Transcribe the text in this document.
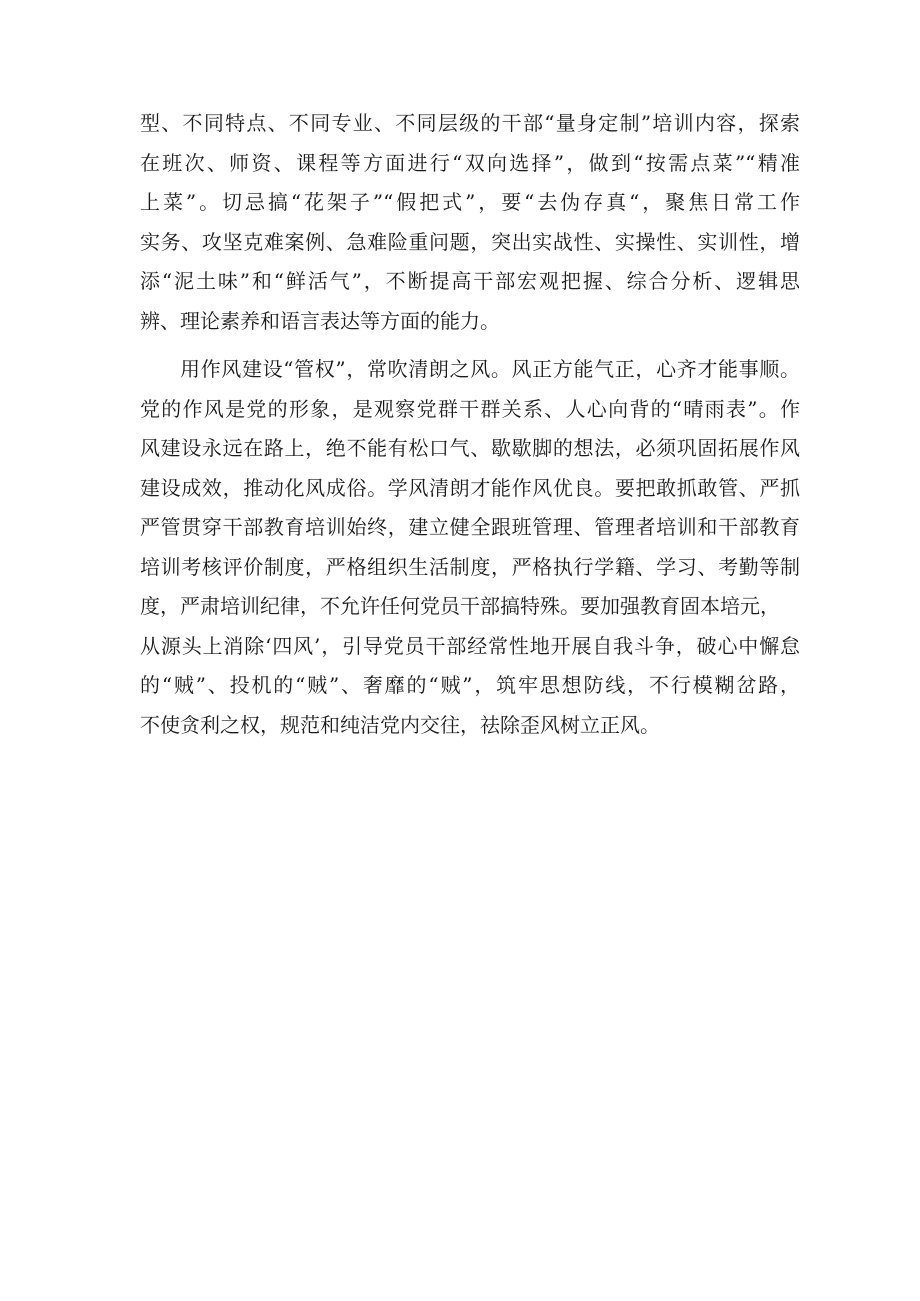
型、不同特点、不同专业、不同层级的干部“量身定制”培训内容，探索
在班次、师资、课程等方面进行“双向选择”，做到“按需点菜”“精准
上菜”。切忌搞“花架子”“假把式”，要“去伪存真“，聚焦日常工作
实务、攻坚克难案例、急难险重问题，突出实战性、实操性、实训性，增
添“泥土味”和“鲜活气”，不断提高干部宏观把握、综合分析、逻辑思
辨、理论素养和语言表达等方面的能力。
用作风建设“管权”，常吹清朗之风。风正方能气正，心齐才能事顺。
党的作风是党的形象，是观察党群干群关系、人心向背的“晴雨表”。作
风建设永远在路上，绝不能有松口气、歇歇脚的想法，必须巩固拓展作风
建设成效，推动化风成俗。学风清朗才能作风优良。要把敢抓敢管、严抓
严管贯穿干部教育培训始终，建立健全跟班管理、管理者培训和干部教育
培训考核评价制度，严格组织生活制度，严格执行学籍、学习、考勤等制
度，严肃培训纪律，不允许任何党员干部搞特殊。要加强教育固本培元，
从源头上消除‘四风’，引导党员干部经常性地开展自我斗争，破心中懈怠
的“贼”、投机的“贼”、奢靡的“贼”，筑牢思想防线，不行模糊岔路，
不使贪利之权，规范和纯洁党内交往，祛除歪风树立正风。
